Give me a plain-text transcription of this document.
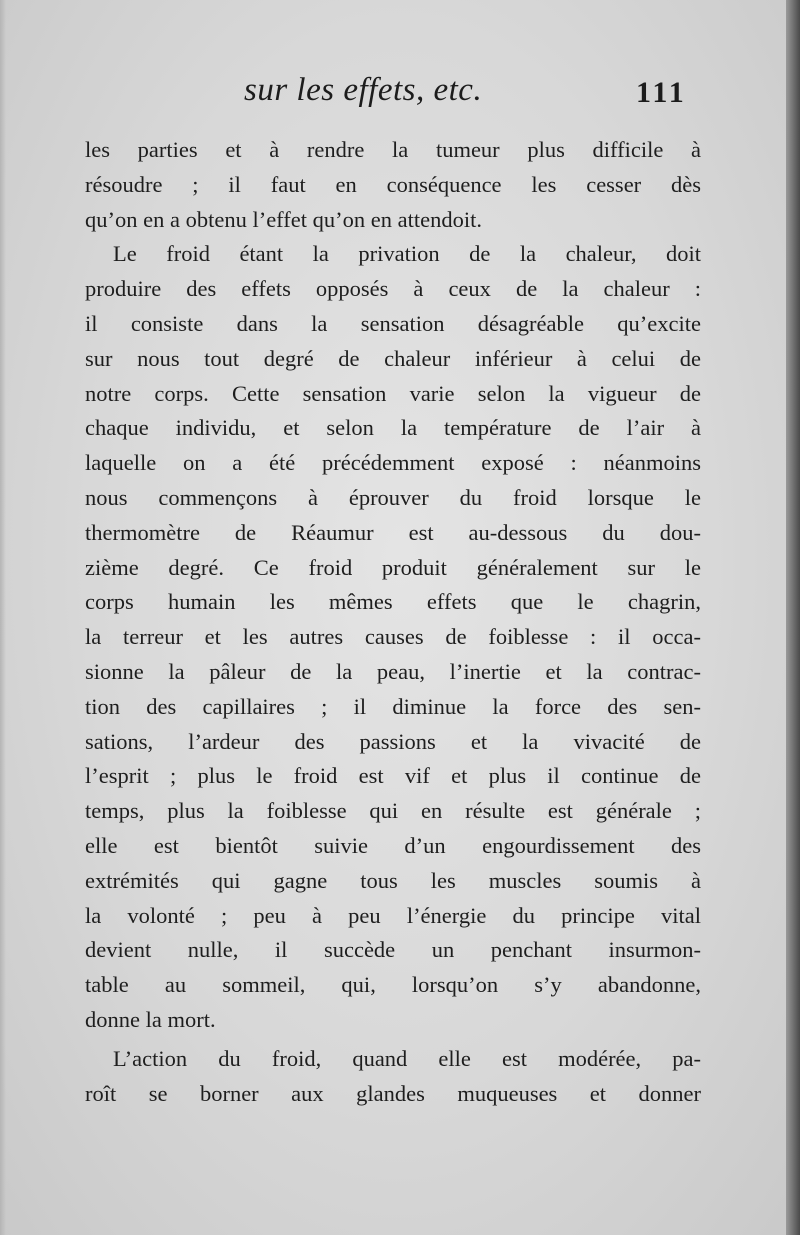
sur les effets, etc.	111
les parties et à rendre la tumeur plus difficile à
résoudre ; il faut en conséquence les cesser dès
qu’on en a obtenu l’effet qu’on en attendoit.
Le froid étant la privation de la chaleur, doit
produire des effets opposés à ceux de la chaleur :
il consiste dans la sensation désagréable qu’excite
sur nous tout degré de chaleur inférieur à celui de
notre corps. Cette sensation varie selon la vigueur de
chaque individu, et selon la température de l’air à
laquelle on a été précédemment exposé : néanmoins
nous commençons à éprouver du froid lorsque le
thermomètre de Réaumur est au-dessous du dou-
zième degré. Ce froid produit généralement sur le
corps humain les mêmes effets que le chagrin,
la terreur et les autres causes de foiblesse : il occa-
sionne la pâleur de la peau, l’inertie et la contrac-
tion des capillaires ; il diminue la force des sen-
sations, l’ardeur des passions et la vivacité de
l’esprit ; plus le froid est vif et plus il continue de
temps, plus la foiblesse qui en résulte est générale ;
elle est bientôt suivie d’un engourdissement des
extrémités qui gagne tous les muscles soumis à
la volonté ; peu à peu l’énergie du principe vital
devient nulle, il succède un penchant insurmon-
table au sommeil, qui, lorsqu’on s’y abandonne,
donne la mort.
L’action du froid, quand elle est modérée, pa-
roît se borner aux glandes muqueuses et donner
